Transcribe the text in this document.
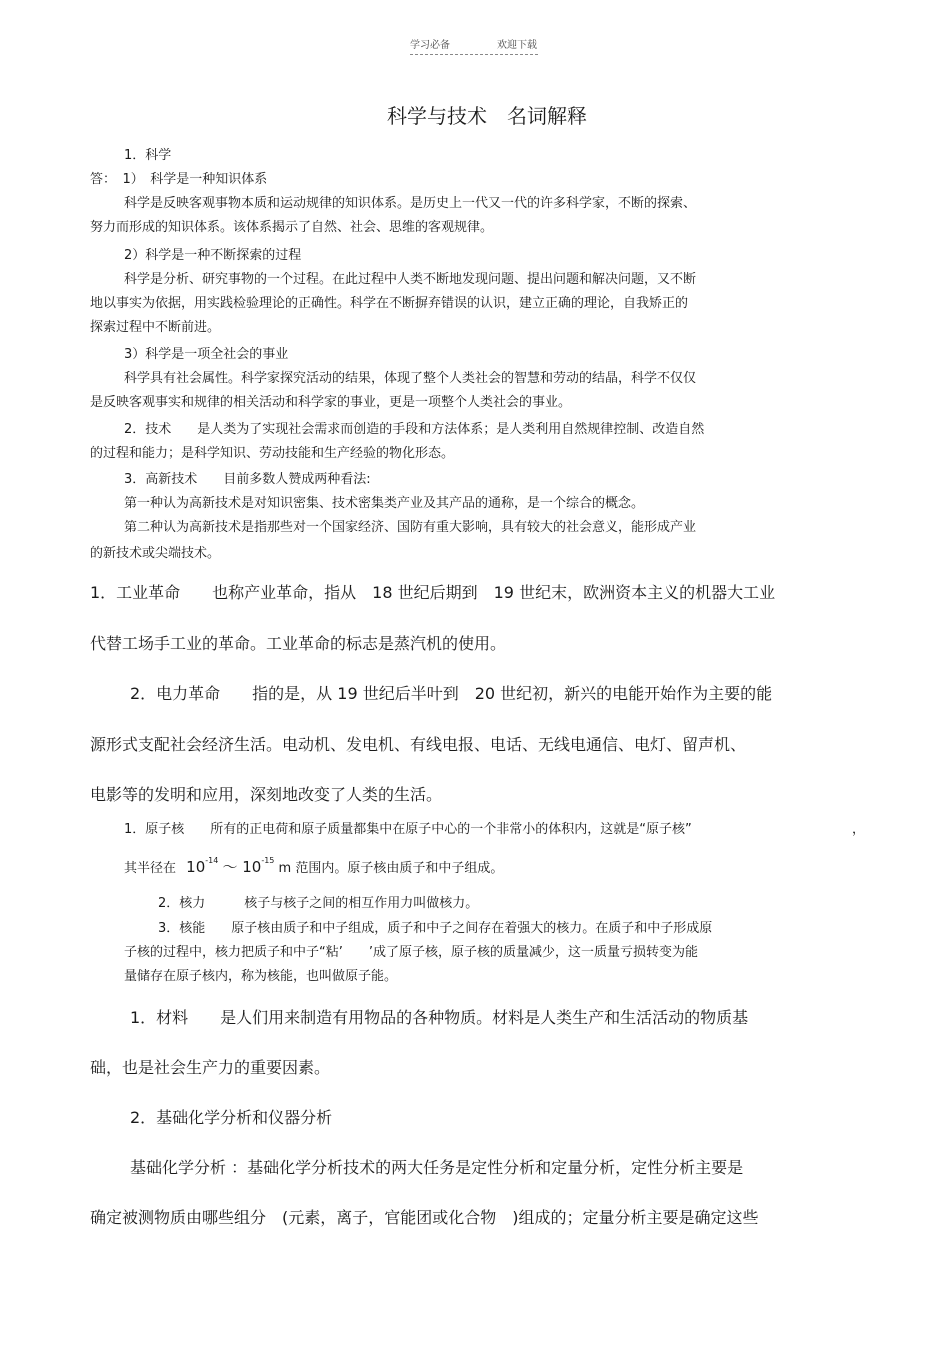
学习必备	欢迎下载
科学与技术　名词解释
1．科学
答：　1）　科学是一种知识体系
科学是反映客观事物本质和运动规律的知识体系。是历史上一代又一代的许多科学家，不断的探索、
努力而形成的知识体系。该体系揭示了自然、社会、思维的客观规律。
2）科学是一种不断探索的过程
科学是分析、研究事物的一个过程。在此过程中人类不断地发现问题、提出问题和解决问题，又不断
地以事实为依据，用实践检验理论的正确性。科学在不断摒弃错误的认识，建立正确的理论，自我矫正的
探索过程中不断前进。
3）科学是一项全社会的事业
科学具有社会属性。科学家探究活动的结果，体现了整个人类社会的智慧和劳动的结晶，科学不仅仅
是反映客观事实和规律的相关活动和科学家的事业，更是一项整个人类社会的事业。
2．技术　　是人类为了实现社会需求而创造的手段和方法体系；是人类利用自然规律控制、改造自然
的过程和能力；是科学知识、劳动技能和生产经验的物化形态。
3．高新技术　　目前多数人赞成两种看法:
第一种认为高新技术是对知识密集、技术密集类产业及其产品的通称，是一个综合的概念。
第二种认为高新技术是指那些对一个国家经济、国防有重大影响，具有较大的社会意义，能形成产业
的新技术或尖端技术。
1．工业革命　　也称产业革命，指从　18 世纪后期到　19 世纪末，欧洲资本主义的机器大工业
代替工场手工业的革命。工业革命的标志是蒸汽机的使用。
2．电力革命　　指的是，从 19 世纪后半叶到　20 世纪初，新兴的电能开始作为主要的能
源形式支配社会经济生活。电动机、发电机、有线电报、电话、无线电通信、电灯、留声机、
电影等的发明和应用，深刻地改变了人类的生活。
1．原子核　　所有的正电荷和原子质量都集中在原子中心的一个非常小的体积内，这就是“原子核”	，
其半径在 $10^{-14}$ ～ $10^{-15}$ m 范围内。原子核由质子和中子组成。
2．核力　　　核子与核子之间的相互作用力叫做核力。
3．核能　　原子核由质子和中子组成，质子和中子之间存在着强大的核力。在质子和中子形成原
子核的过程中，核力把质子和中子“粘’　　’成了原子核，原子核的质量减少，这一质量亏损转变为能
量储存在原子核内，称为核能，也叫做原子能。
1．材料　　是人们用来制造有用物品的各种物质。材料是人类生产和生活活动的物质基
础，也是社会生产力的重要因素。
2．基础化学分析和仪器分析
基础化学分析 ：基础化学分析技术的两大任务是定性分析和定量分析，定性分析主要是
确定被测物质由哪些组分　(元素，离子，官能团或化合物　)组成的；定量分析主要是确定这些
